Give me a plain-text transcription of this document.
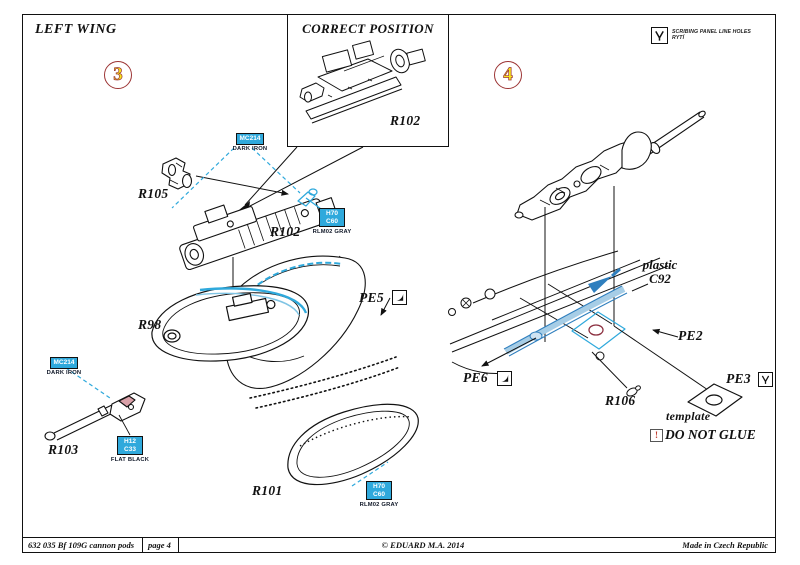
CORRECT POSITION
R102
LEFT WING
3	4
SCRIBING PANEL LINE HOLES
RYTÍ
R105
R102
R98
R103
R101
PE5
MC214
DARK IRON
H70
C60
RLM02 GRAY
MC214
DARK IRON
H12
C33
FLAT BLACK
H70
C60
RLM02 GRAY
plastic
C92
PE2
PE6
R106
PE3
template
! DO NOT GLUE
632 035 Bf 109G cannon pods	page 4	© EDUARD M.A. 2014	Made in Czech Republic
